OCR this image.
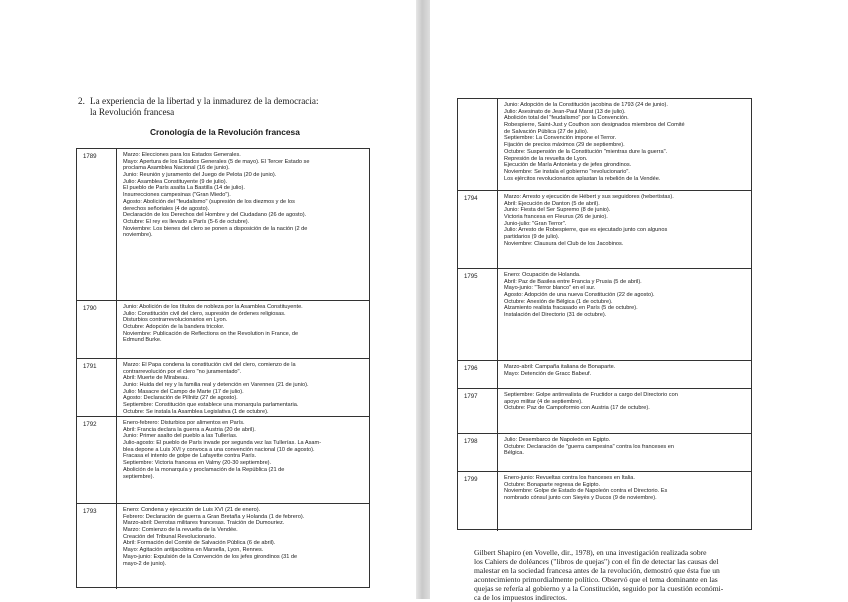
2. La experiencia de la libertad y la inmadurez de la democracia:
la Revolución francesa
Cronología de la Revolución francesa
1789	Marzo: Elecciones para los Estados Generales.
Mayo: Apertura de los Estados Generales (5 de mayo). El Tercer Estado se
proclama Asamblea Nacional (16 de junio).
Junio: Reunión y juramento del Juego de Pelota (20 de junio).
Julio: Asamblea Constituyente (9 de julio).
El pueblo de París asalta La Bastilla (14 de julio).
Insurrecciones campesinas ("Gran Miedo").
Agosto: Abolición del "feudalismo" (supresión de los diezmos y de los
derechos señoriales (4 de agosto).
Declaración de los Derechos del Hombre y del Ciudadano (26 de agosto).
Octubre: El rey es llevado a París (5-6 de octubre).
Noviembre: Los bienes del clero se ponen a disposición de la nación (2 de
noviembre).
1790	Junio: Abolición de los títulos de nobleza por la Asamblea Constituyente.
Julio: Constitución civil del clero, supresión de órdenes religiosas.
Disturbios contrarrevolucionarios en Lyon.
Octubre: Adopción de la bandera tricolor.
Noviembre: Publicación de Reflections on the Revolution in France, de
Edmund Burke.
1791	Marzo: El Papa condena la constitución civil del clero, comienzo de la
contrarrevolución por el clero "no juramentado".
Abril: Muerte de Mirabeau.
Junio: Huida del rey y la familia real y detención en Varennes (21 de junio).
Julio: Masacre del Campo de Marte (17 de julio).
Agosto: Declaración de Pillnitz (27 de agosto).
Septiembre: Constitución que establece una monarquía parlamentaria.
Octubre: Se instala la Asamblea Legislativa (1 de octubre).
1792	Enero-febrero: Disturbios por alimentos en París.
Abril: Francia declara la guerra a Austria (20 de abril).
Junio: Primer asalto del pueblo a las Tullerías.
Julio-agosto: El pueblo de París invade por segunda vez las Tullerías. La Asam-
blea depone a Luis XVI y convoca a una convención nacional (10 de agosto).
Fracasa el intento de golpe de Lafayette contra París.
Septiembre: Victoria francesa en Valmy (20-30 septiembre).
Abolición de la monarquía y proclamación de la República (21 de
septiembre).
1793	Enero: Condena y ejecución de Luis XVI (21 de enero).
Febrero: Declaración de guerra a Gran Bretaña y Holanda (1 de febrero).
Marzo-abril: Derrotas militares francesas. Traición de Dumouriez.
Marzo: Comienzo de la revuelta de la Vendée.
Creación del Tribunal Revolucionario.
Abril: Formación del Comité de Salvación Pública (6 de abril).
Mayo: Agitación antijacobina en Marsella, Lyon, Rennes.
Mayo-junio: Expulsión de la Convención de los jefes girondinos (31 de
mayo-2 de junio).
Junio: Adopción de la Constitución jacobina de 1793 (24 de junio).
Julio: Asesinato de Jean-Paul Marat (13 de julio).
Abolición total del "feudalismo" por la Convención.
Robespierre, Saint-Just y Couthon son designados miembros del Comité
de Salvación Pública (27 de julio).
Septiembre: La Convención impone el Terror.
Fijación de precios máximos (29 de septiembre).
Octubre: Suspensión de la Constitución "mientras dure la guerra".
Represión de la revuelta de Lyon.
Ejecución de María Antonieta y de jefes girondinos.
Noviembre: Se instala el gobierno "revolucionario".
Los ejércitos revolucionarios aplastan la rebelión de la Vendée.
1794	Marzo: Arresto y ejecución de Hébert y sus seguidores (hebertistas).
Abril: Ejecución de Danton (5 de abril).
Junio: Fiesta del Ser Supremo (8 de junio).
Victoria francesa en Fleurus (26 de junio).
Junio-julio: "Gran Terror".
Julio: Arresto de Robespierre, que es ejecutado junto con algunos
partidarios (9 de julio).
Noviembre: Clausura del Club de los Jacobinos.
1795	Enero: Ocupación de Holanda.
Abril: Paz de Basilea entre Francia y Prusia (5 de abril).
Mayo-junio: "Terror blanco" en el sur.
Agosto: Adopción de una nueva Constitución (22 de agosto).
Octubre: Anexión de Bélgica (1 de octubre).
Alzamiento realista fracasado en París (5 de octubre).
Instalación del Directorio (31 de octubre).
1796	Marzo-abril: Campaña italiana de Bonaparte.
Mayo: Detención de Gracc Babeuf.
1797	Septiembre: Golpe antirrealista de Fructidor a cargo del Directorio con
apoyo militar (4 de septiembre).
Octubre: Paz de Campoformio con Austria (17 de octubre).
1798	Julio: Desembarco de Napoleón en Egipto.
Octubre: Declaración de "guerra campesina" contra los franceses en
Bélgica.
1799	Enero-junio: Revueltas contra los franceses en Italia.
Octubre: Bonaparte regresa de Egipto.
Noviembre: Golpe de Estado de Napoleón contra el Directorio. Es
nombrado cónsul junto con Sieyès y Ducos (9 de noviembre).
Gilbert Shapiro (en Vovelle, dir., 1978), en una investigación realizada sobre
los Cahiers de doléances ("libros de quejas") con el fin de detectar las causas del
malestar en la sociedad francesa antes de la revolución, demostró que ésta fue un
acontecimiento primordialmente político. Observó que el tema dominante en las
quejas se refería al gobierno y a la Constitución, seguido por la cuestión económi-
ca de los impuestos indirectos.
